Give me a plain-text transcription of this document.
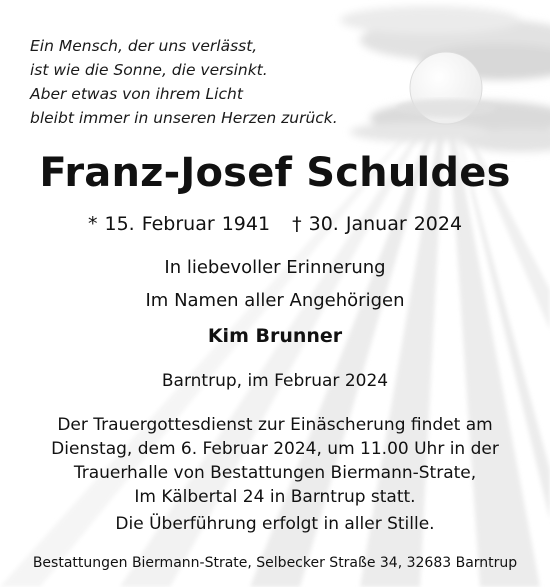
Ein Mensch, der uns verlässt,
ist wie die Sonne, die versinkt.
Aber etwas von ihrem Licht
bleibt immer in unseren Herzen zurück.
Franz-Josef Schuldes
* 15. Februar 1941 † 30. Januar 2024
In liebevoller Erinnerung
Im Namen aller Angehörigen
Kim Brunner
Barntrup, im Februar 2024
Der Trauergottesdienst zur Einäscherung findet am
Dienstag, dem 6. Februar 2024, um 11.00 Uhr in der
Trauerhalle von Bestattungen Biermann-Strate,
Im Kälbertal 24 in Barntrup statt.
Die Überführung erfolgt in aller Stille.
Bestattungen Biermann-Strate, Selbecker Straße 34, 32683 Barntrup
